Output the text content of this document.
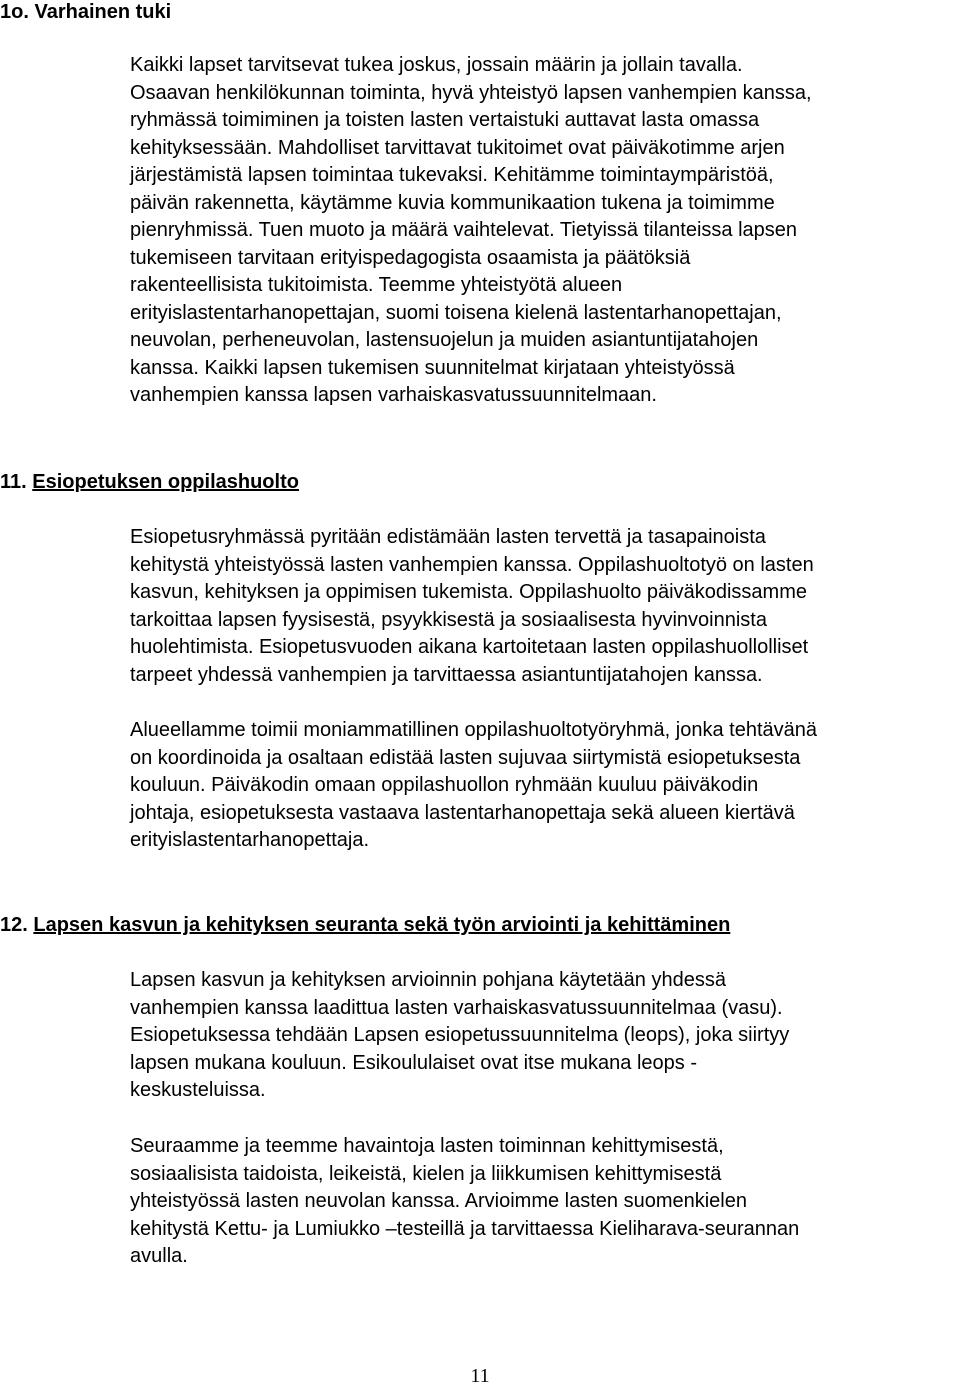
1o. Varhainen tuki

Kaikki lapset tarvitsevat tukea joskus, jossain määrin ja jollain tavalla.
Osaavan henkilökunnan toiminta, hyvä yhteistyö lapsen vanhempien kanssa,
ryhmässä toimiminen ja toisten lasten vertaistuki auttavat lasta omassa
kehityksessään. Mahdolliset tarvittavat tukitoimet ovat päiväkotimme arjen
järjestämistä lapsen toimintaa tukevaksi. Kehitämme toimintaympäristöä,
päivän rakennetta, käytämme kuvia kommunikaation tukena ja toimimme
pienryhmissä. Tuen muoto ja määrä vaihtelevat. Tietyissä tilanteissa lapsen
tukemiseen tarvitaan erityispedagogista osaamista ja päätöksiä
rakenteellisista tukitoimista. Teemme yhteistyötä alueen
erityislastentarhanopettajan, suomi toisena kielenä lastentarhanopettajan,
neuvolan, perheneuvolan, lastensuojelun ja muiden asiantuntijatahojen
kanssa. Kaikki lapsen tukemisen suunnitelmat kirjataan yhteistyössä
vanhempien kanssa lapsen varhaiskasvatussuunnitelmaan.

11. Esiopetuksen oppilashuolto

Esiopetusryhmässä pyritään edistämään lasten tervettä ja tasapainoista
kehitystä yhteistyössä lasten vanhempien kanssa. Oppilashuoltotyö on lasten
kasvun, kehityksen ja oppimisen tukemista. Oppilashuolto päiväkodissamme
tarkoittaa lapsen fyysisestä, psyykkisestä ja sosiaalisesta hyvinvoinnista
huolehtimista. Esiopetusvuoden aikana kartoitetaan lasten oppilashuollolliset
tarpeet yhdessä vanhempien ja tarvittaessa asiantuntijatahojen kanssa.

Alueellamme toimii moniammatillinen oppilashuoltotyöryhmä, jonka tehtävänä
on koordinoida ja osaltaan edistää lasten sujuvaa siirtymistä esiopetuksesta
kouluun. Päiväkodin omaan oppilashuollon ryhmään kuuluu päiväkodin
johtaja, esiopetuksesta vastaava lastentarhanopettaja sekä alueen kiertävä
erityislastentarhanopettaja.

12. Lapsen kasvun ja kehityksen seuranta sekä työn arviointi ja kehittäminen

Lapsen kasvun ja kehityksen arvioinnin pohjana käytetään yhdessä
vanhempien kanssa laadittua lasten varhaiskasvatussuunnitelmaa (vasu).
Esiopetuksessa tehdään Lapsen esiopetussuunnitelma (leops), joka siirtyy
lapsen mukana kouluun. Esikoululaiset ovat itse mukana leops -
keskusteluissa.

Seuraamme ja teemme havaintoja lasten toiminnan kehittymisestä,
sosiaalisista taidoista, leikeistä, kielen ja liikkumisen kehittymisestä
yhteistyössä lasten neuvolan kanssa. Arvioimme lasten suomenkielen
kehitystä Kettu- ja Lumiukko –testeillä ja tarvittaessa Kieliharava-seurannan
avulla.

11
